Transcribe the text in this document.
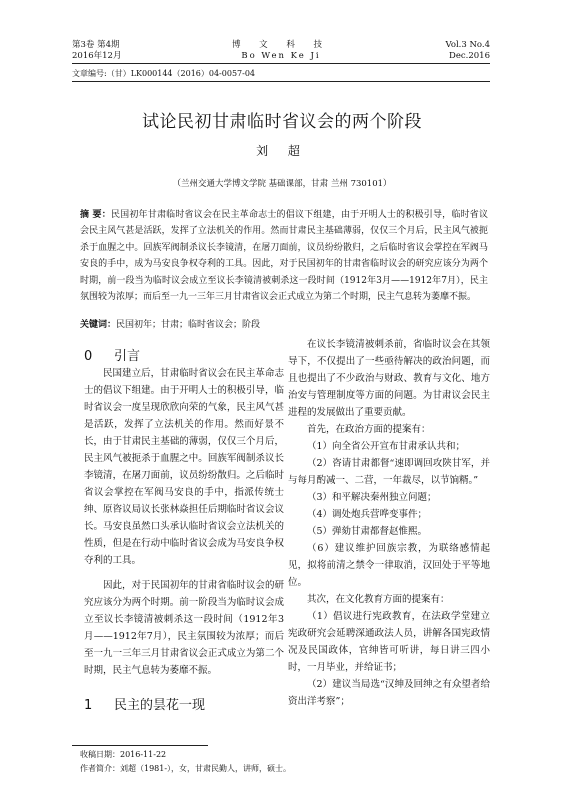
第3卷 第4期
2016年12月
博 文 科 技
Bo Wen Ke Ji
Vol.3 No.4
Dec.2016
文章编号:（甘）LK000144（2016）04-0057-04
试论民初甘肃临时省议会的两个阶段
刘 超
（兰州交通大学博文学院 基础课部，甘肃 兰州 730101）
摘 要：民国初年甘肃临时省议会在民主革命志士的倡议下组建，由于开明人士的积极引导，临时省议会民主风气甚是活跃，发挥了立法机关的作用。然而甘肃民主基础薄弱，仅仅三个月后，民主风气被扼杀于血腥之中。回族军阀制杀议长李镜清，在屠刀面前，议员纷纷散归，之后临时省议会掌控在军阀马安良的手中，成为马安良争权夺利的工具。因此，对于民国初年的甘肃省临时议会的研究应该分为两个时期，前一段当为临时议会成立至议长李镜清被刺杀这一段时间（1912年3月——1912年7月），民主氛围较为浓厚；而后至一九一三年三月甘肃省议会正式成立为第二个时期，民主气息转为萎靡不振。
关键词：民国初年；甘肃；临时省议会；阶段

0 引言

民国建立后，甘肃临时省议会在民主革命志士的倡议下组建。由于开明人士的积极引导，临时省议会一度呈现欣欣向荣的气象，民主风气甚是活跃，发挥了立法机关的作用。然而好景不长，由于甘肃民主基础的薄弱，仅仅三个月后，民主风气被扼杀于血腥之中。回族军阀制杀议长李镜清，在屠刀面前，议员纷纷散归。之后临时省议会掌控在军阀马安良的手中，指派传统士绅、原咨议局议长张林焱担任后期临时省议会议长。马安良虽然口头承认临时省议会立法机关的性质，但是在行动中临时省议会成为马安良争权夺利的工具。

因此，对于民国初年的甘肃省临时议会的研究应该分为两个时期。前一阶段当为临时议会成立至议长李镜清被刺杀这一段时间（1912年3月——1912年7月），民主氛围较为浓厚；而后至一九一三年三月甘肃省议会正式成立为第二个时期，民主气息转为萎靡不振。

1 民主的昙花一现

在议长李镜清被刺杀前，省临时议会在其领导下，不仅提出了一些亟待解决的政治问题，而且也提出了不少政治与财政、教育与文化、地方治安与管理制度等方面的问题。为甘肃议会民主进程的发展做出了重要贡献。

首先，在政治方面的提案有：

（1）向全省公开宣布甘肃承认共和；

（2）咨请甘肃都督“速即调回攻陕甘军，并与每月酌减一、二营，一年裁尽，以节饷糈。”

（3）和平解决秦州独立问题；

（4）调处炮兵营哗变事件；

（5）弹劾甘肃都督赵惟熙。

（6）建议维护回族宗教，为联络感情起见，拟将前清之禁令一律取消，汉回处于平等地位。

其次，在文化教育方面的提案有：

（1）倡议进行宪政教育，在法政学堂建立宪政研究会延聘深通政法人员，讲解各国宪政情况及民国政体，官绅皆可听讲，每日讲三四小时，一月毕业，并给证书；

（2）建议当局选“汉绅及回绅之有众望者给资出洋考察”；

收稿日期：2016-11-22
作者简介：刘超（1981-），女，甘肃民勤人，讲师，硕士。
